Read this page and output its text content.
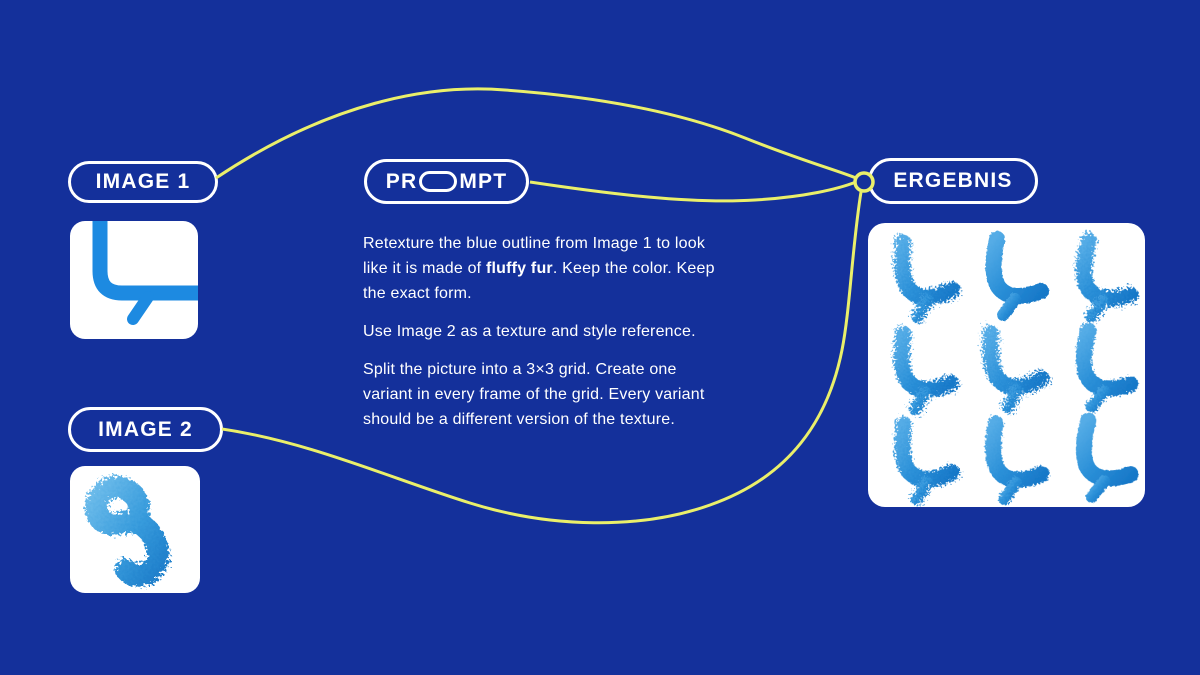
IMAGE 1	PR MPT

Retexture the blue outline from Image 1 to look
like it is made of fluffy fur. Keep the color. Keep
the exact form.

Use Image 2 as a texture and style reference.

Split the picture into a 3×3 grid. Create one
variant in every frame of the grid. Every variant
should be a different version of the texture.

IMAGE 2
ERGEBNIS
